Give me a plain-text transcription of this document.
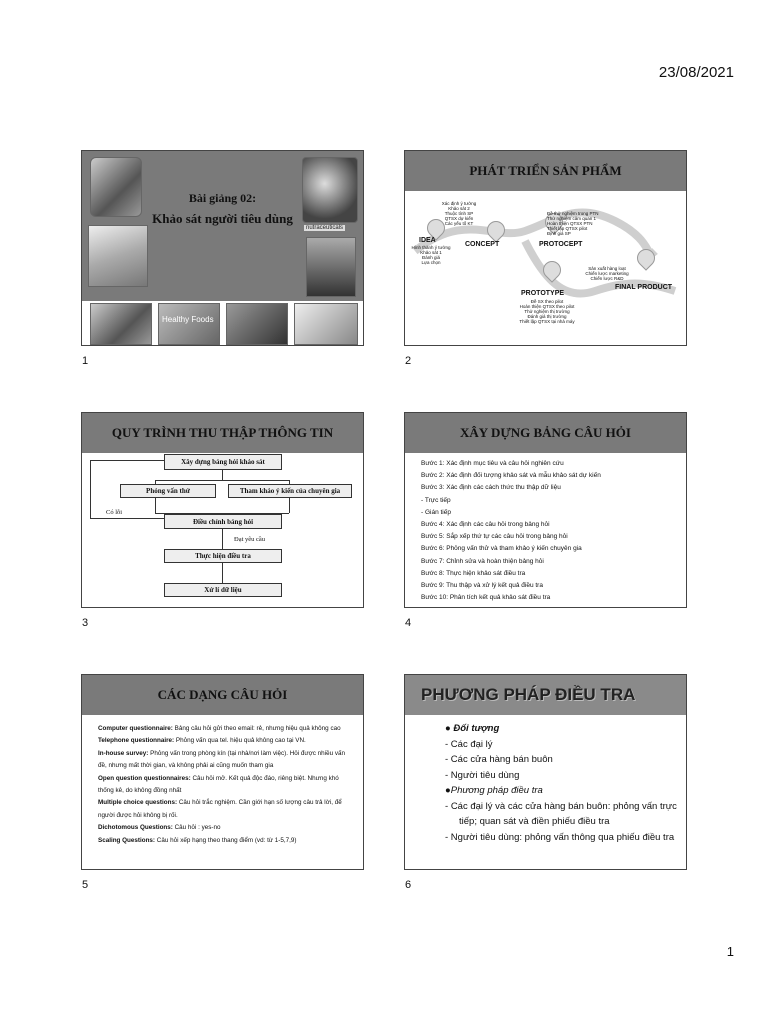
23/08/2021
1
nutraceuticals
Bài giảng 02:
Khảo sát người tiêu dùng
Healthy Foods
1
PHÁT TRIỂN SẢN PHẨM
IDEA
CONCEPT	PROTOCEPT
PROTOTYPE
FINAL PRODUCT
Hình thành ý tưởng
Khảo sát 1
Đánh giá
Lựa chọn
Xác định ý tưởng
Khảo sát 2
Thuộc tính SP
QTSX dự kiến
Các yếu tố KT
Đề thử nghiệm trong PTN
Thử nghiệm cảm quan 1
Hoàn thiện QTSX PTN
Thiết lập QTSX pilot
Định giá SP
Đề SX theo pilot
Hoàn thiện QTSX theo pilot
Thử nghiệm thị trường
Đánh giá thị trường
Thiết lập QTSX tại nhà máy
Sản xuất hàng loạt
Chiến lược marketing
Chiến lược R&D
2
QUY TRÌNH THU THẬP THÔNG TIN
Xây dựng bảng hỏi khảo sát
Phỏng vấn thử	Tham khảo ý kiến của chuyên gia
Điều chỉnh bảng hỏi
Có lỗi
Đạt yêu cầu
Thực hiện điều tra
Xử lí dữ liệu
3
XÂY DỰNG BẢNG CÂU HỎI
Bước 1: Xác định mục tiêu và câu hỏi nghiên cứu
Bước 2: Xác định đối tượng khảo sát và mẫu khảo sát dự kiến
Bước 3: Xác định các cách thức thu thập dữ liệu
- Trực tiếp
- Gián tiếp
Bước 4: Xác định các câu hỏi trong bảng hỏi
Bước 5: Sắp xếp thứ tự các câu hỏi trong bảng hỏi
Bước 6: Phỏng vấn thử và tham khảo ý kiến chuyên gia
Bước 7: Chỉnh sửa và hoàn thiện bảng hỏi
Bước 8: Thực hiện khảo sát điều tra
Bước 9: Thu thập và xử lý kết quả điều tra
Bước 10: Phân tích kết quả khảo sát điều tra
4
CÁC DẠNG CÂU HỎI
Computer questionnaire: Bảng câu hỏi gửi theo email: rẻ, nhưng hiệu quả không cao
Telephone questionnaire: Phỏng vấn qua tel. hiệu quả không cao tại VN.
In-house survey: Phỏng vấn trong phòng kín (tại nhà/nơi làm việc). Hỏi được nhiều vấn đề, nhưng mất thời gian, và không phải ai cũng muốn tham gia
Open question questionnaires: Câu hỏi mở. Kết quả độc đáo, riêng biệt. Nhưng khó thống kê, do không đồng nhất
Multiple choice questions: Câu hỏi trắc nghiệm. Cần giới hạn số lượng câu trả lời, để người được hỏi không bị rối.
Dichotomous Questions: Câu hỏi : yes-no
Scaling Questions: Câu hỏi xếp hạng theo thang điểm (vd: từ 1-5,7,9)
5
PHƯƠNG PHÁP ĐIỀU TRA
● Đối tượng
- Các đại lý
- Các cửa hàng bán buôn
- Người tiêu dùng
●Phương pháp điều tra
- Các đại lý và các cửa hàng bán buôn: phỏng vấn trực
tiếp; quan sát và điền phiếu điều tra
- Người tiêu dùng: phỏng vấn thông qua phiếu điều tra
6
